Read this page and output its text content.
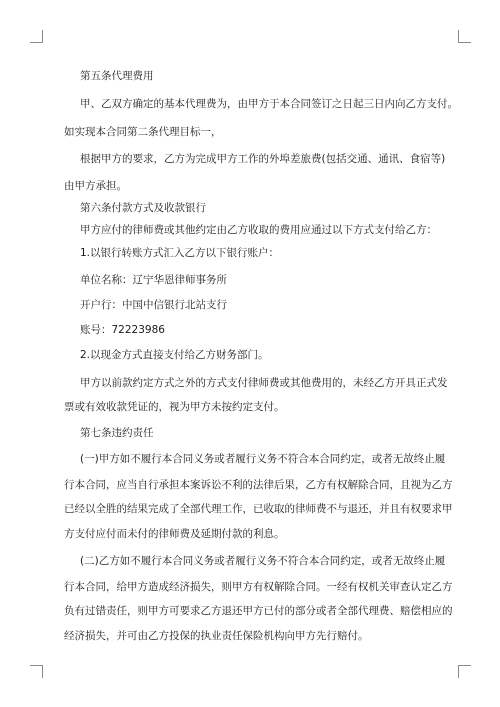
第五条代理费用
甲、乙双方确定的基本代理费为，由甲方于本合同签订之日起三日内向乙方支付。
如实现本合同第二条代理目标一，
根据甲方的要求，乙方为完成甲方工作的外埠差旅费(包括交通、通讯、食宿等)
由甲方承担。
第六条付款方式及收款银行
甲方应付的律师费或其他约定由乙方收取的费用应通过以下方式支付给乙方：
1.以银行转账方式汇入乙方以下银行账户：
单位名称：辽宁华恩律师事务所
开户行：中国中信银行北站支行
账号：72223986
2.以现金方式直接支付给乙方财务部门。
甲方以前款约定方式之外的方式支付律师费或其他费用的，未经乙方开具正式发
票或有效收款凭证的，视为甲方未按约定支付。
第七条违约责任
(一)甲方如不履行本合同义务或者履行义务不符合本合同约定，或者无故终止履
行本合同，应当自行承担本案诉讼不利的法律后果，乙方有权解除合同，且视为乙方
已经以全胜的结果完成了全部代理工作，已收取的律师费不与退还，并且有权要求甲
方支付应付而未付的律师费及延期付款的利息。
(二)乙方如不履行本合同义务或者履行义务不符合本合同约定，或者无故终止履
行本合同，给甲方造成经济损失，则甲方有权解除合同。一经有权机关审查认定乙方
负有过错责任，则甲方可要求乙方退还甲方已付的部分或者全部代理费、赔偿相应的
经济损失，并可由乙方投保的执业责任保险机构向甲方先行赔付。
